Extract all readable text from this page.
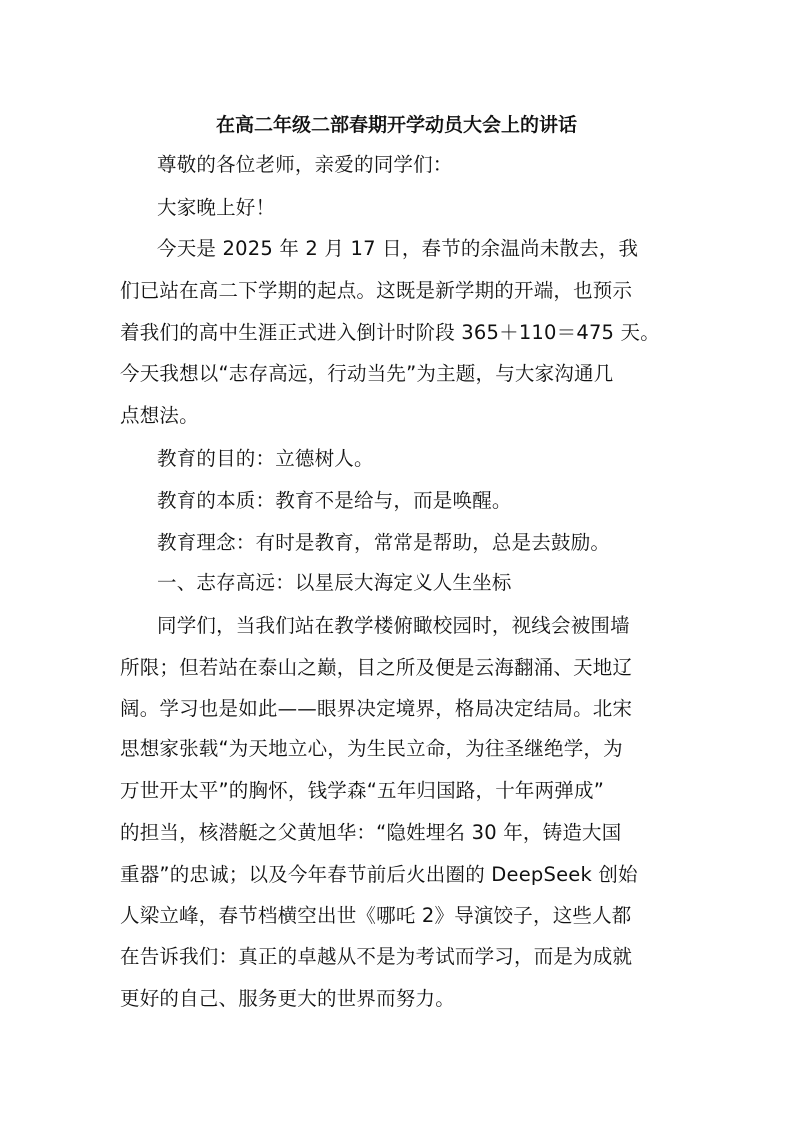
在高二年级二部春期开学动员大会上的讲话
尊敬的各位老师，亲爱的同学们：
大家晚上好！
今天是 2025 年 2 月 17 日，春节的余温尚未散去，我
们已站在高二下学期的起点。这既是新学期的开端，也预示
着我们的高中生涯正式进入倒计时阶段 365＋110＝475 天。
今天我想以“志存高远，行动当先”为主题，与大家沟通几
点想法。
教育的目的：立德树人。
教育的本质：教育不是给与，而是唤醒。
教育理念：有时是教育，常常是帮助，总是去鼓励。
一、志存高远：以星辰大海定义人生坐标
同学们，当我们站在教学楼俯瞰校园时，视线会被围墙
所限；但若站在泰山之巅，目之所及便是云海翻涌、天地辽
阔。学习也是如此——眼界决定境界，格局决定结局。北宋
思想家张载“为天地立心，为生民立命，为往圣继绝学，为
万世开太平”的胸怀，钱学森“五年归国路，十年两弹成”
的担当，核潜艇之父黄旭华：“隐姓埋名 30 年，铸造大国
重器”的忠诚；以及今年春节前后火出圈的 DeepSeek 创始
人梁立峰，春节档横空出世《哪吒 2》导演饺子，这些人都
在告诉我们：真正的卓越从不是为考试而学习，而是为成就
更好的自己、服务更大的世界而努力。
